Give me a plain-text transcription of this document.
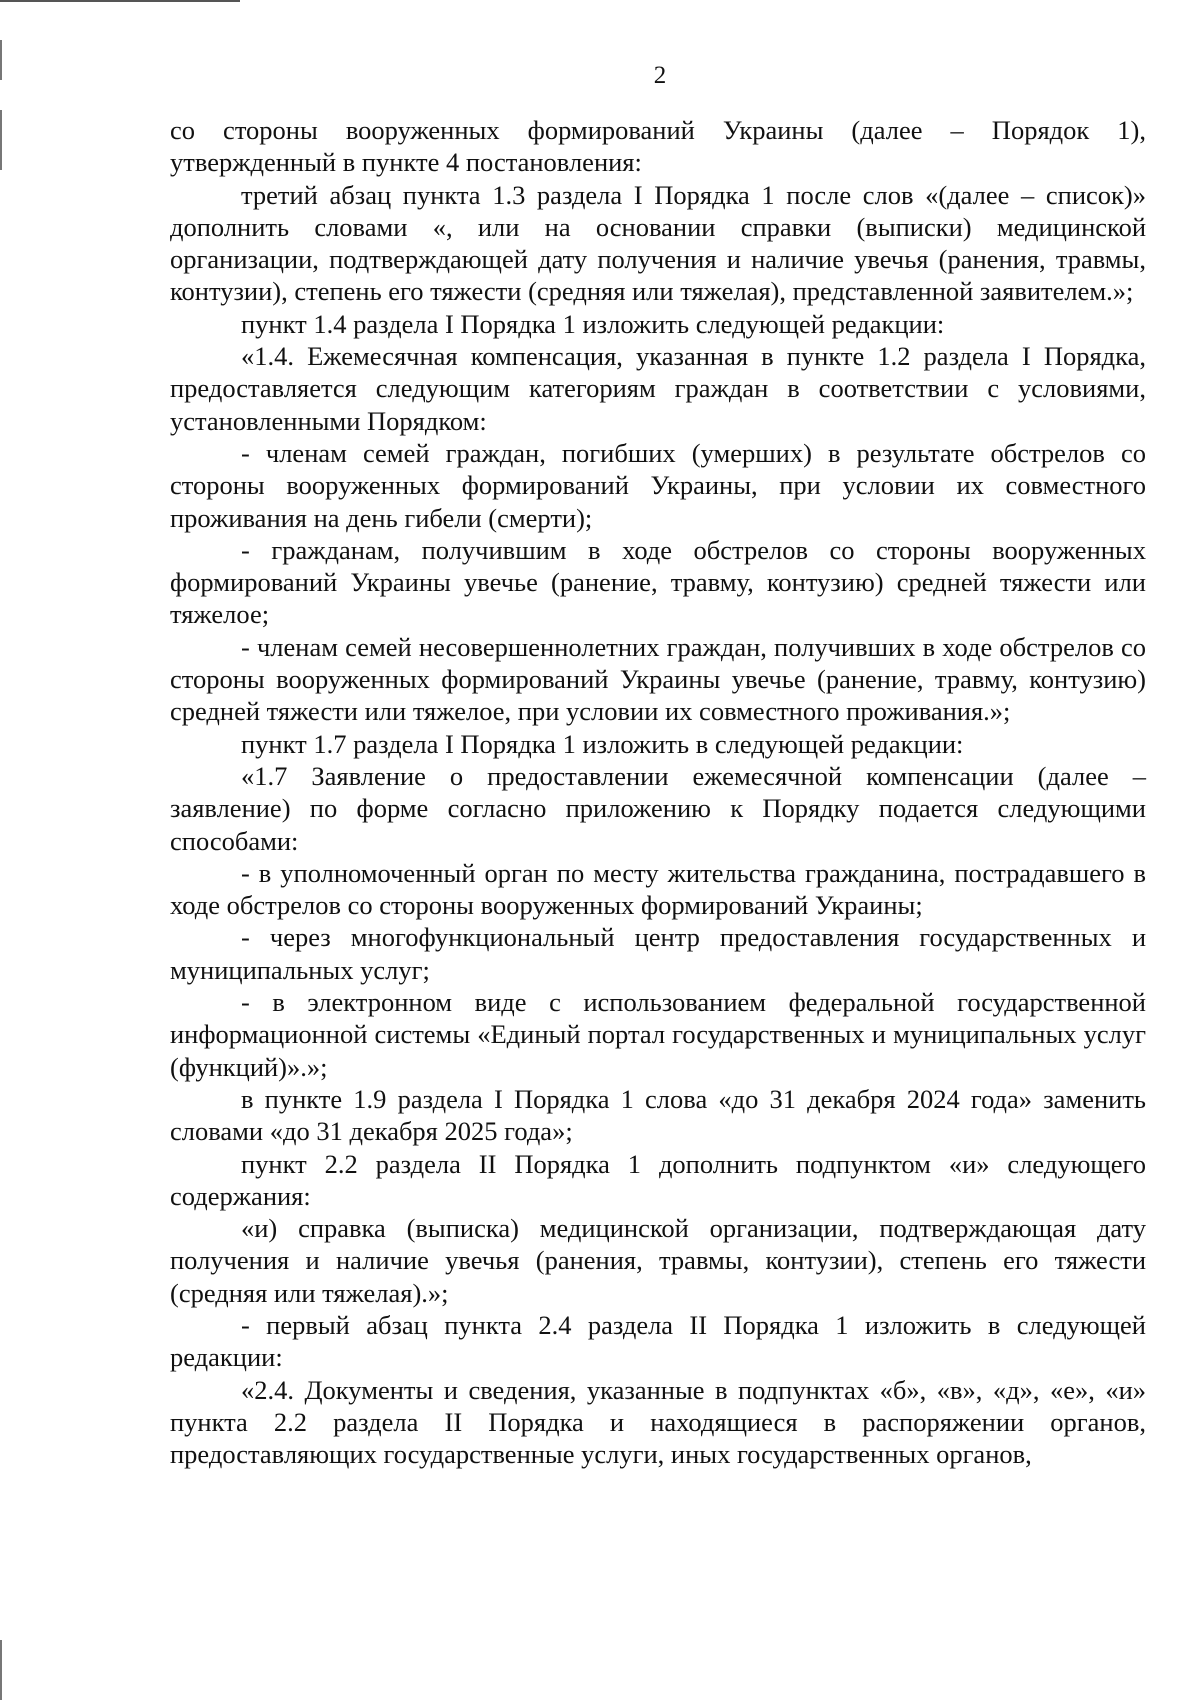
2

со стороны вооруженных формирований Украины (далее – Порядок 1), утвержденный в пункте 4 постановления:

третий абзац пункта 1.3 раздела I Порядка 1 после слов «(далее – список)» дополнить словами «, или на основании справки (выписки) медицинской организации, подтверждающей дату получения и наличие увечья (ранения, травмы, контузии), степень его тяжести (средняя или тяжелая), представленной заявителем.»;

пункт 1.4 раздела I Порядка 1 изложить следующей редакции:

«1.4. Ежемесячная компенсация, указанная в пункте 1.2 раздела I Порядка, предоставляется следующим категориям граждан в соответствии с условиями, установленными Порядком:

- членам семей граждан, погибших (умерших) в результате обстрелов со стороны вооруженных формирований Украины, при условии их совместного проживания на день гибели (смерти);

- гражданам, получившим в ходе обстрелов со стороны вооруженных формирований Украины увечье (ранение, травму, контузию) средней тяжести или тяжелое;

- членам семей несовершеннолетних граждан, получивших в ходе обстрелов со стороны вооруженных формирований Украины увечье (ранение, травму, контузию) средней тяжести или тяжелое, при условии их совместного проживания.»;

пункт 1.7 раздела I Порядка 1 изложить в следующей редакции:

«1.7 Заявление о предоставлении ежемесячной компенсации (далее – заявление) по форме согласно приложению к Порядку подается следующими способами:

- в уполномоченный орган по месту жительства гражданина, пострадавшего в ходе обстрелов со стороны вооруженных формирований Украины;

- через многофункциональный центр предоставления государственных и муниципальных услуг;

- в электронном виде с использованием федеральной государственной информационной системы «Единый портал государственных и муниципальных услуг (функций)».»;

в пункте 1.9 раздела I Порядка 1 слова «до 31 декабря 2024 года» заменить словами «до 31 декабря 2025 года»;

пункт 2.2 раздела II Порядка 1 дополнить подпунктом «и» следующего содержания:

«и) справка (выписка) медицинской организации, подтверждающая дату получения и наличие увечья (ранения, травмы, контузии), степень его тяжести (средняя или тяжелая).»;

- первый абзац пункта 2.4 раздела II Порядка 1 изложить в следующей редакции:

«2.4. Документы и сведения, указанные в подпунктах «б», «в», «д», «е», «и» пункта 2.2 раздела II Порядка и находящиеся в распоряжении органов, предоставляющих государственные услуги, иных государственных органов,
